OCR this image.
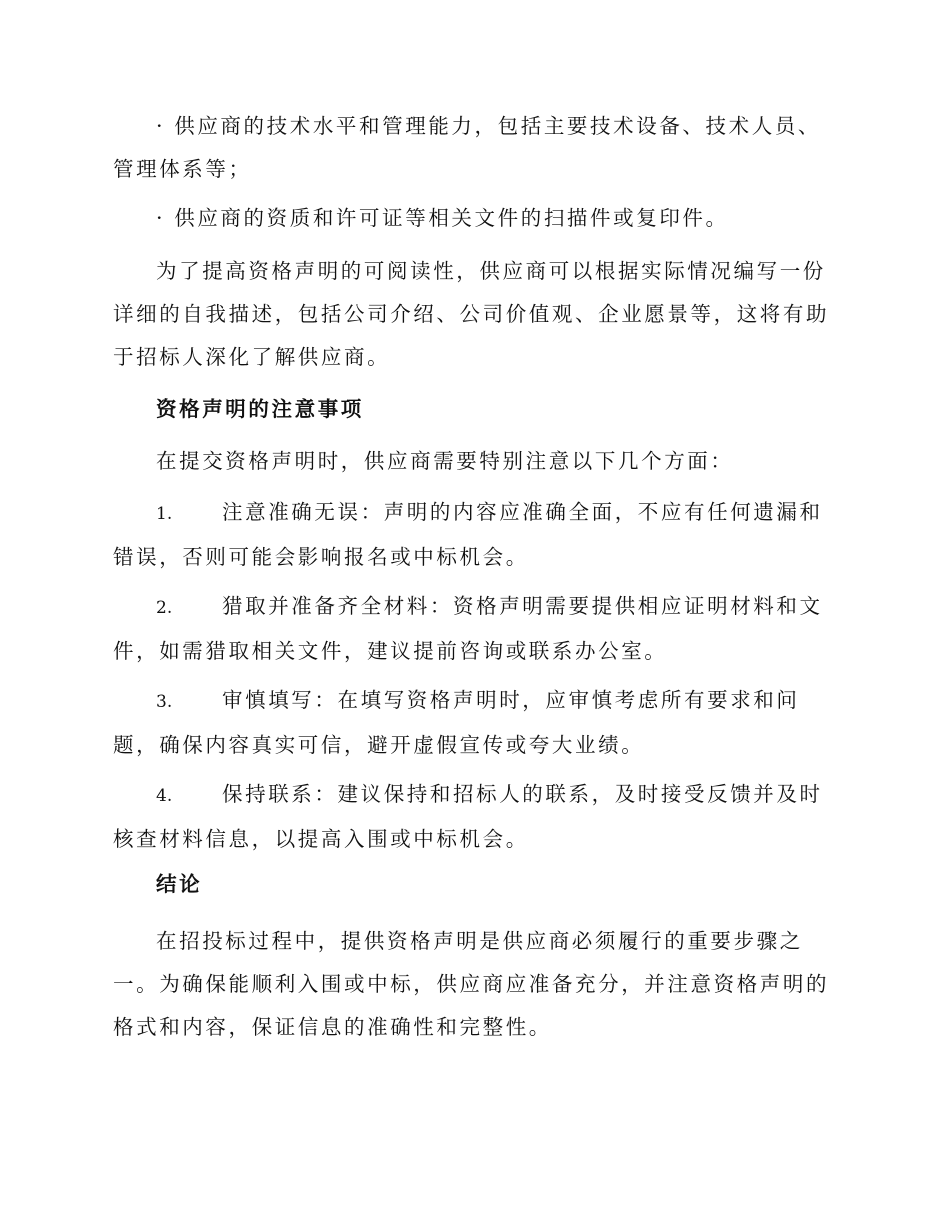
· 供应商的技术水平和管理能力，包括主要技术设备、技术人员、管理体系等；

· 供应商的资质和许可证等相关文件的扫描件或复印件。

为了提高资格声明的可阅读性，供应商可以根据实际情况编写一份详细的自我描述，包括公司介绍、公司价值观、企业愿景等，这将有助于招标人深化了解供应商。

资格声明的注意事项

在提交资格声明时，供应商需要特别注意以下几个方面：

1. 注意准确无误：声明的内容应准确全面，不应有任何遗漏和错误，否则可能会影响报名或中标机会。

2. 猎取并准备齐全材料：资格声明需要提供相应证明材料和文件，如需猎取相关文件，建议提前咨询或联系办公室。

3. 审慎填写：在填写资格声明时，应审慎考虑所有要求和问题，确保内容真实可信，避开虚假宣传或夸大业绩。

4. 保持联系：建议保持和招标人的联系，及时接受反馈并及时核查材料信息，以提高入围或中标机会。

结论

在招投标过程中，提供资格声明是供应商必须履行的重要步骤之一。为确保能顺利入围或中标，供应商应准备充分，并注意资格声明的格式和内容，保证信息的准确性和完整性。
